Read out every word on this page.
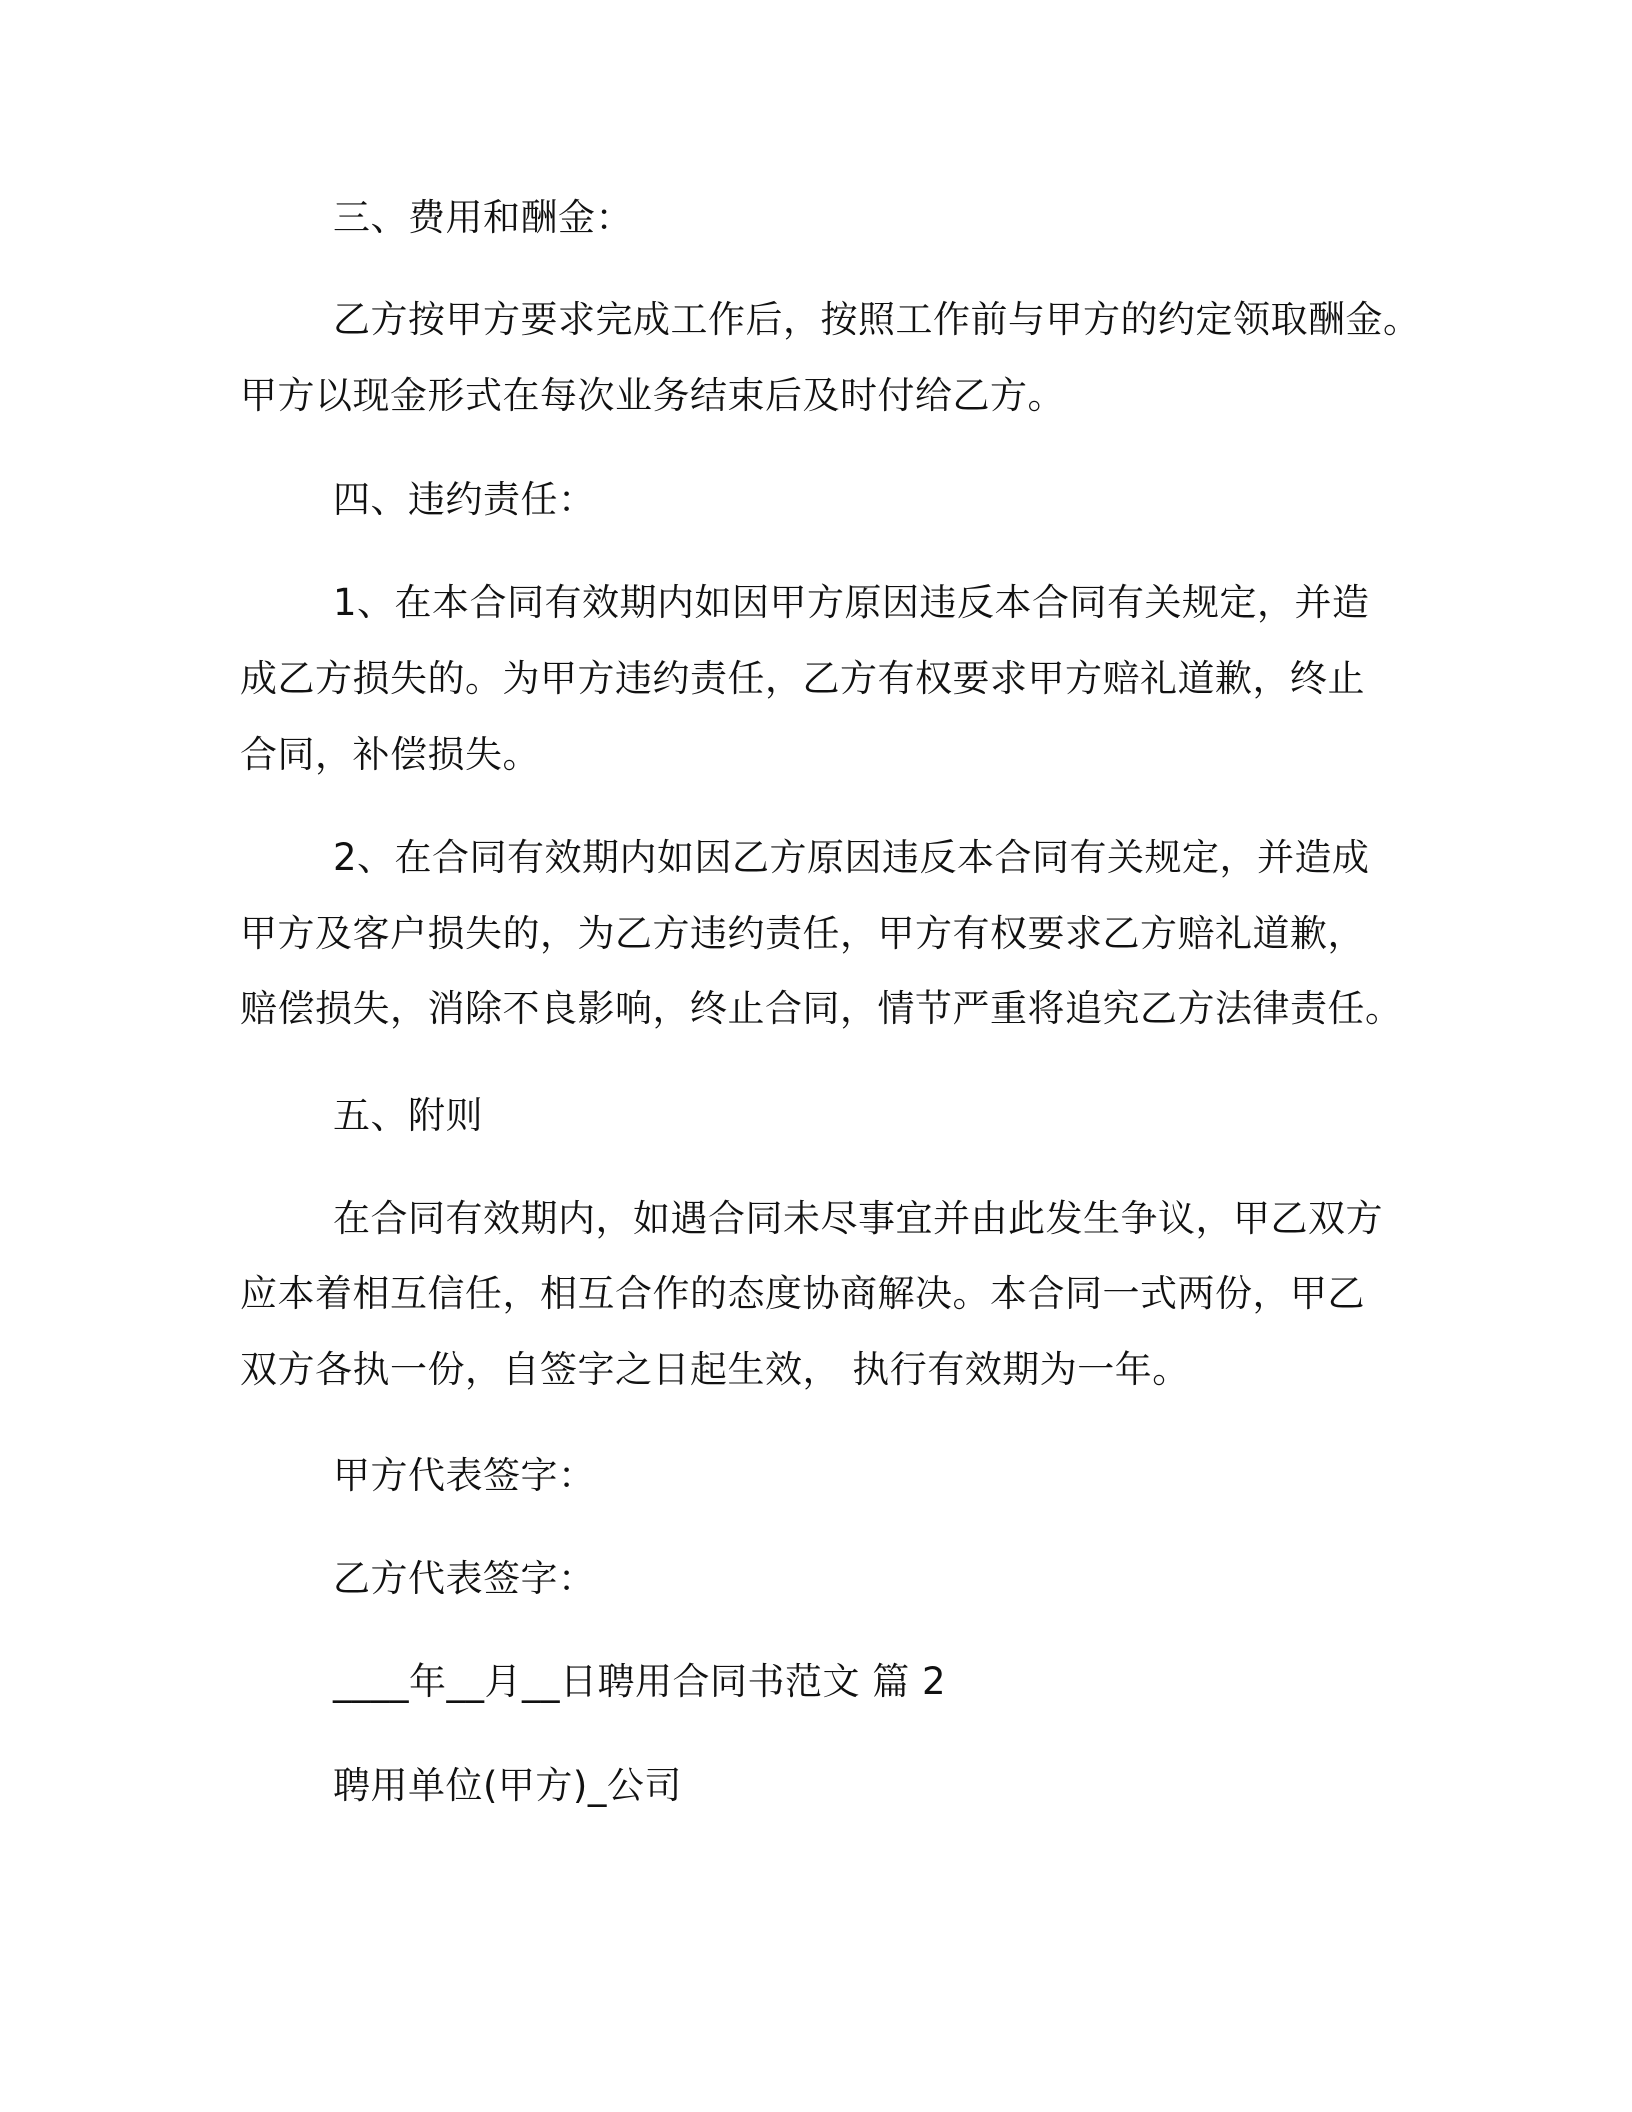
三、费用和酬金：

乙方按甲方要求完成工作后，按照工作前与甲方的约定领取酬金。

甲方以现金形式在每次业务结束后及时付给乙方。

四、违约责任：

1、在本合同有效期内如因甲方原因违反本合同有关规定，并造

成乙方损失的。为甲方违约责任，乙方有权要求甲方赔礼道歉，终止

合同，补偿损失。

2、在合同有效期内如因乙方原因违反本合同有关规定，并造成

甲方及客户损失的，为乙方违约责任，甲方有权要求乙方赔礼道歉，

赔偿损失，消除不良影响，终止合同，情节严重将追究乙方法律责任。

五、附则

在合同有效期内，如遇合同未尽事宜并由此发生争议，甲乙双方

应本着相互信任，相互合作的态度协商解决。本合同一式两份，甲乙

双方各执一份，自签字之日起生效， 执行有效期为一年。

甲方代表签字：

乙方代表签字：

____年__月__日聘用合同书范文 篇 2

聘用单位(甲方)_公司
